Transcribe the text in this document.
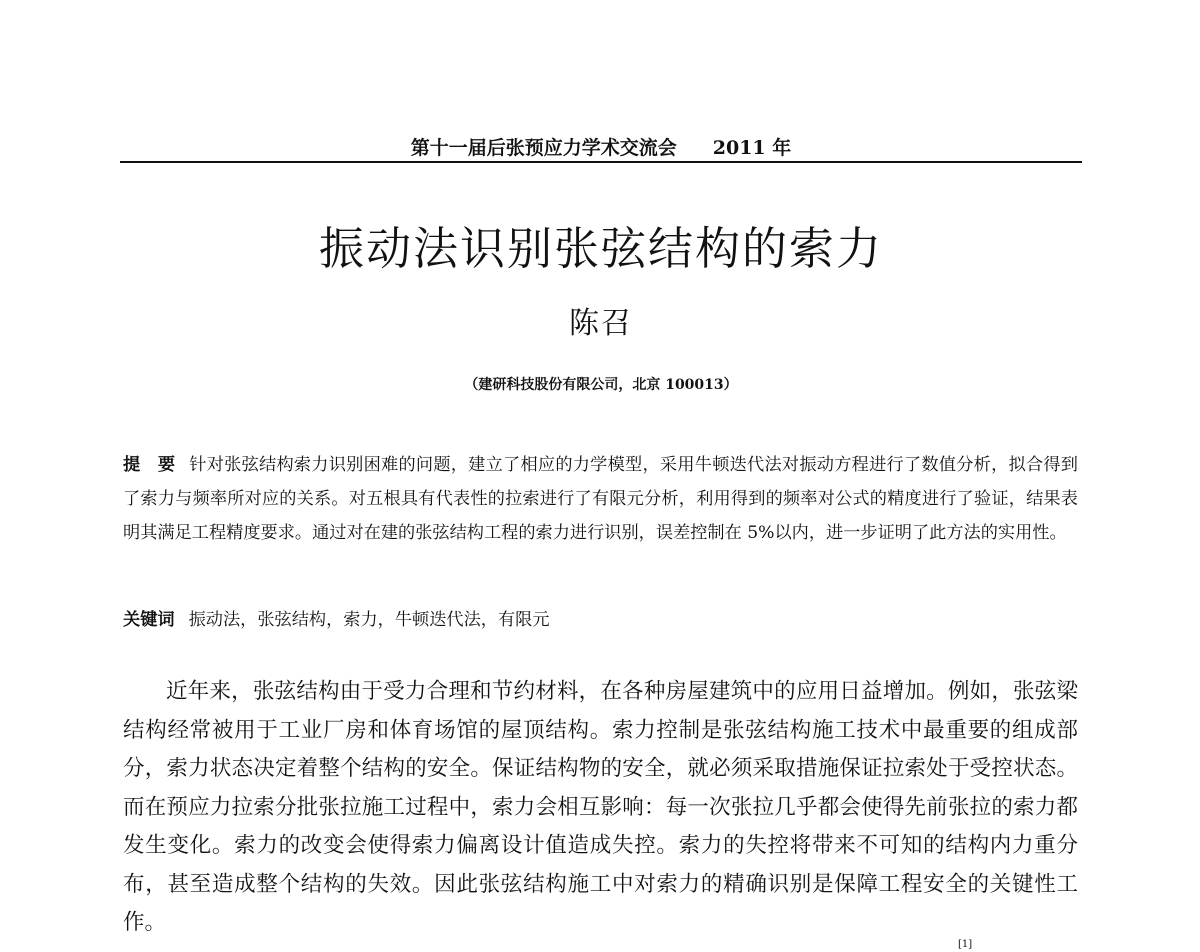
第十一届后张预应力学术交流会 2011 年
振动法识别张弦结构的索力
陈召
（建研科技股份有限公司，北京 100013）
提　要 针对张弦结构索力识别困难的问题，建立了相应的力学模型，采用牛顿迭代法对振动方程进行了数值分析，拟合得到了索力与频率所对应的关系。对五根具有代表性的拉索进行了有限元分析，利用得到的频率对公式的精度进行了验证，结果表明其满足工程精度要求。通过对在建的张弦结构工程的索力进行识别，误差控制在 5%以内，进一步证明了此方法的实用性。
关键词 振动法，张弦结构，索力，牛顿迭代法，有限元
近年来，张弦结构由于受力合理和节约材料，在各种房屋建筑中的应用日益增加。例如，张弦梁结构经常被用于工业厂房和体育场馆的屋顶结构。索力控制是张弦结构施工技术中最重要的组成部分，索力状态决定着整个结构的安全。保证结构物的安全，就必须采取措施保证拉索处于受控状态。而在预应力拉索分批张拉施工过程中，索力会相互影响：每一次张拉几乎都会使得先前张拉的索力都发生变化。索力的改变会使得索力偏离设计值造成失控。索力的失控将带来不可知的结构内力重分布，甚至造成整个结构的失效。因此张弦结构施工中对索力的精确识别是保障工程安全的关键性工作。
[1]
